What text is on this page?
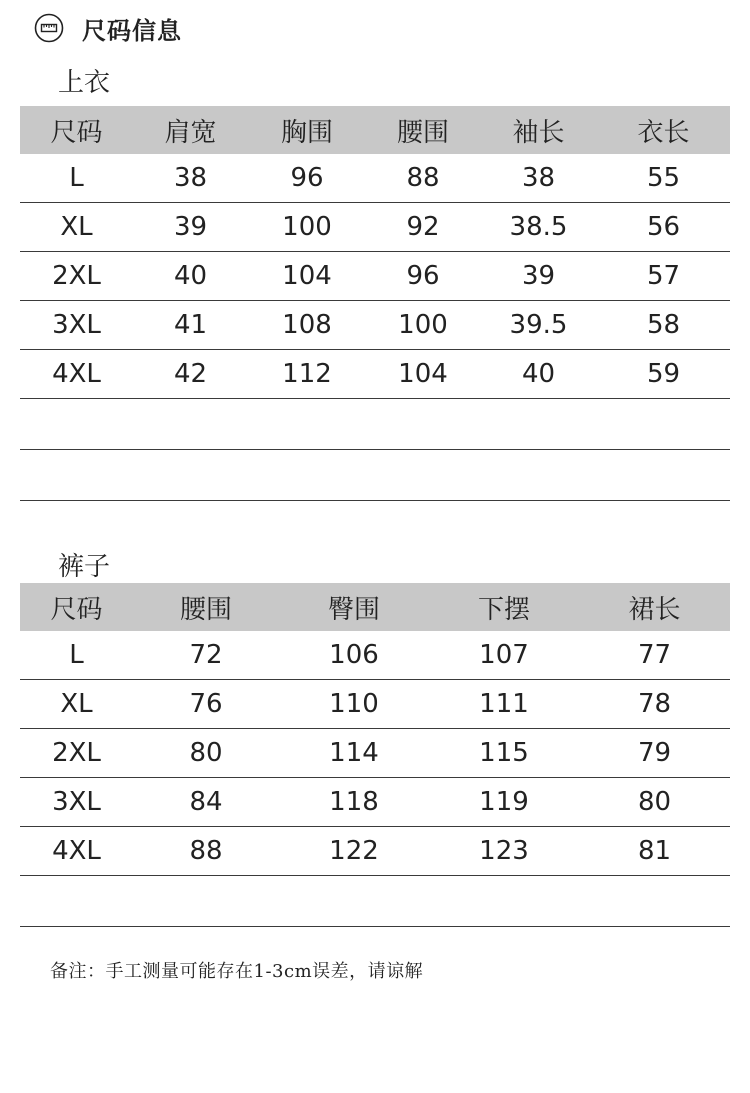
尺码信息
上衣
尺码	肩宽	胸围	腰围	袖长	衣长
L	38	96	88	38	55
XL	39	100	92	38.5	56
2XL	40	104	96	39	57
3XL	41	108	100	39.5	58
4XL	42	112	104	40	59

裤子
尺码	腰围	臀围	下摆	裙长
L	72	106	107	77
XL	76	110	111	78
2XL	80	114	115	79
3XL	84	118	119	80
4XL	88	122	123	81

备注：手工测量可能存在1-3cm误差，请谅解
